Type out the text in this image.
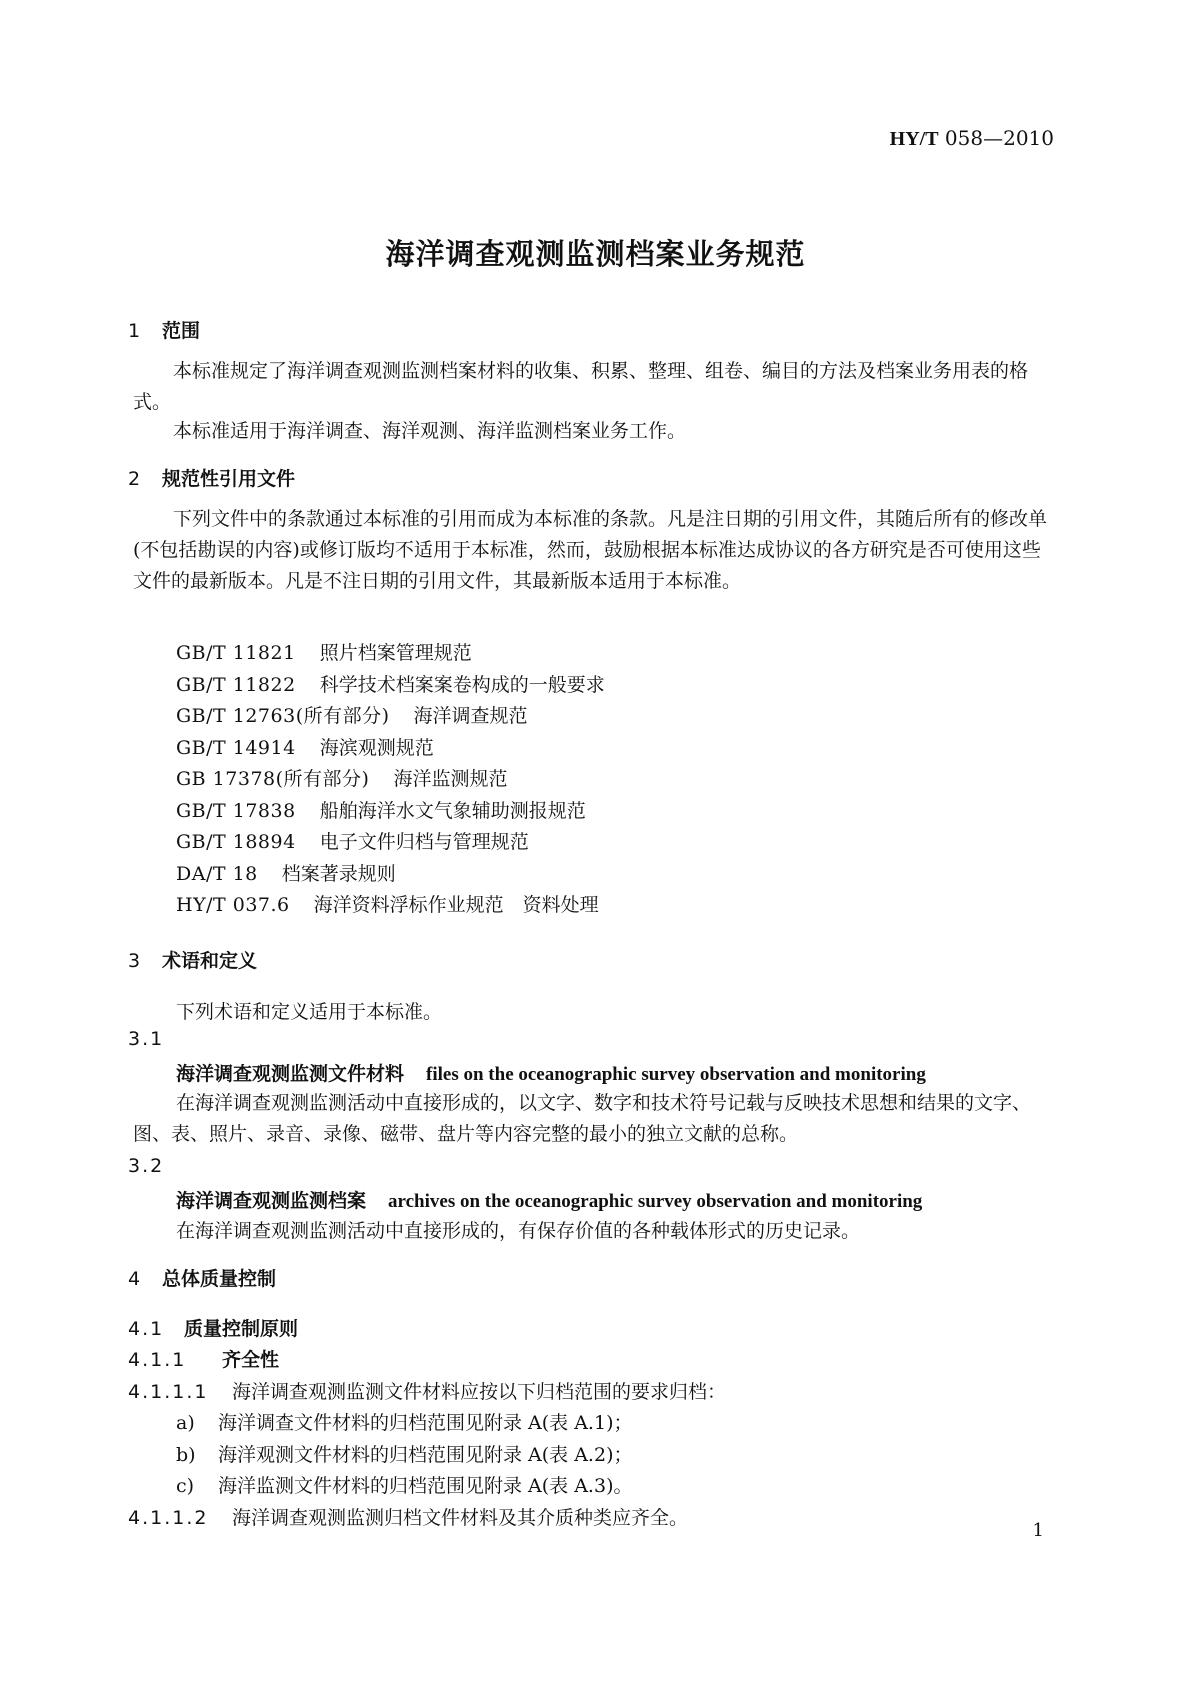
HY/T 058—2010
海洋调查观测监测档案业务规范
1 范围
本标准规定了海洋调查观测监测档案材料的收集、积累、整理、组卷、编目的方法及档案业务用表的格式。
本标准适用于海洋调查、海洋观测、海洋监测档案业务工作。
2 规范性引用文件
下列文件中的条款通过本标准的引用而成为本标准的条款。凡是注日期的引用文件，其随后所有的修改单(不包括勘误的内容)或修订版均不适用于本标准，然而，鼓励根据本标准达成协议的各方研究是否可使用这些文件的最新版本。凡是不注日期的引用文件，其最新版本适用于本标准。
GB/T 11821 照片档案管理规范
GB/T 11822 科学技术档案案卷构成的一般要求
GB/T 12763(所有部分) 海洋调查规范
GB/T 14914 海滨观测规范
GB 17378(所有部分) 海洋监测规范
GB/T 17838 船舶海洋水文气象辅助测报规范
GB/T 18894 电子文件归档与管理规范
DA/T 18 档案著录规则
HY/T 037.6 海洋资料浮标作业规范　资料处理
3 术语和定义
下列术语和定义适用于本标准。
3.1
海洋调查观测监测文件材料 files on the oceanographic survey observation and monitoring
在海洋调查观测监测活动中直接形成的，以文字、数字和技术符号记载与反映技术思想和结果的文字、图、表、照片、录音、录像、磁带、盘片等内容完整的最小的独立文献的总称。
3.2
海洋调查观测监测档案 archives on the oceanographic survey observation and monitoring
在海洋调查观测监测活动中直接形成的，有保存价值的各种载体形式的历史记录。
4 总体质量控制
4.1 质量控制原则
4.1.1 齐全性
4.1.1.1 海洋调查观测监测文件材料应按以下归档范围的要求归档：
a) 海洋调查文件材料的归档范围见附录 A(表 A.1)；
b) 海洋观测文件材料的归档范围见附录 A(表 A.2)；
c) 海洋监测文件材料的归档范围见附录 A(表 A.3)。
4.1.1.2 海洋调查观测监测归档文件材料及其介质种类应齐全。
1
